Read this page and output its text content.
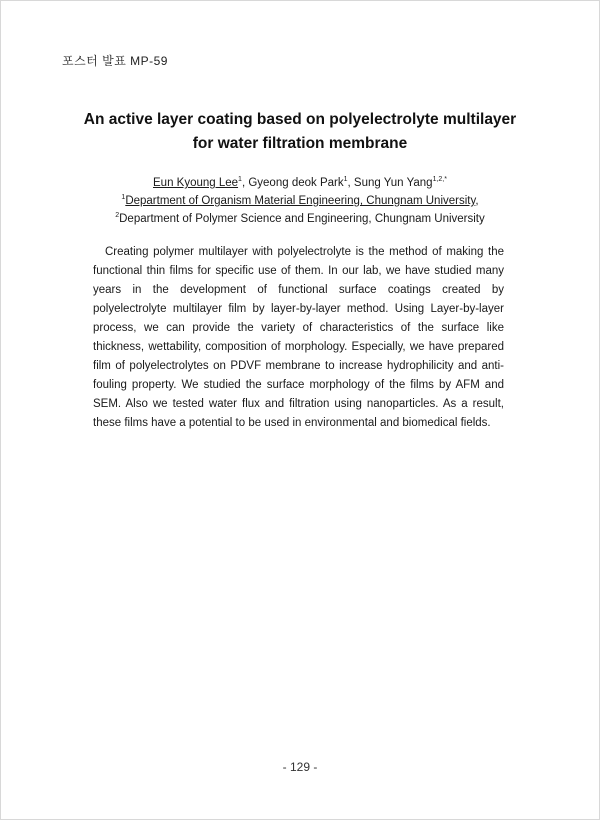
포스터 발표 MP-59
An active layer coating based on polyelectrolyte multilayer
for water filtration membrane
Eun Kyoung Lee$^1$, Gyeong deok Park$^1$, Sung Yun Yang$^{1,2,*}$
$^1$Department of Organism Material Engineering, Chungnam University,
$^2$Department of Polymer Science and Engineering, Chungnam University
Creating polymer multilayer with polyelectrolyte is the method of making the functional thin films for specific use of them. In our lab, we have studied many years in the development of functional surface coatings created by polyelectrolyte multilayer film by layer-by-layer method. Using Layer-by-layer process, we can provide the variety of characteristics of the surface like thickness, wettability, composition of morphology. Especially, we have prepared film of polyelectrolytes on PDVF membrane to increase hydrophilicity and anti-fouling property. We studied the surface morphology of the films by AFM and SEM. Also we tested water flux and filtration using nanoparticles. As a result, these films have a potential to be used in environmental and biomedical fields.
- 129 -
